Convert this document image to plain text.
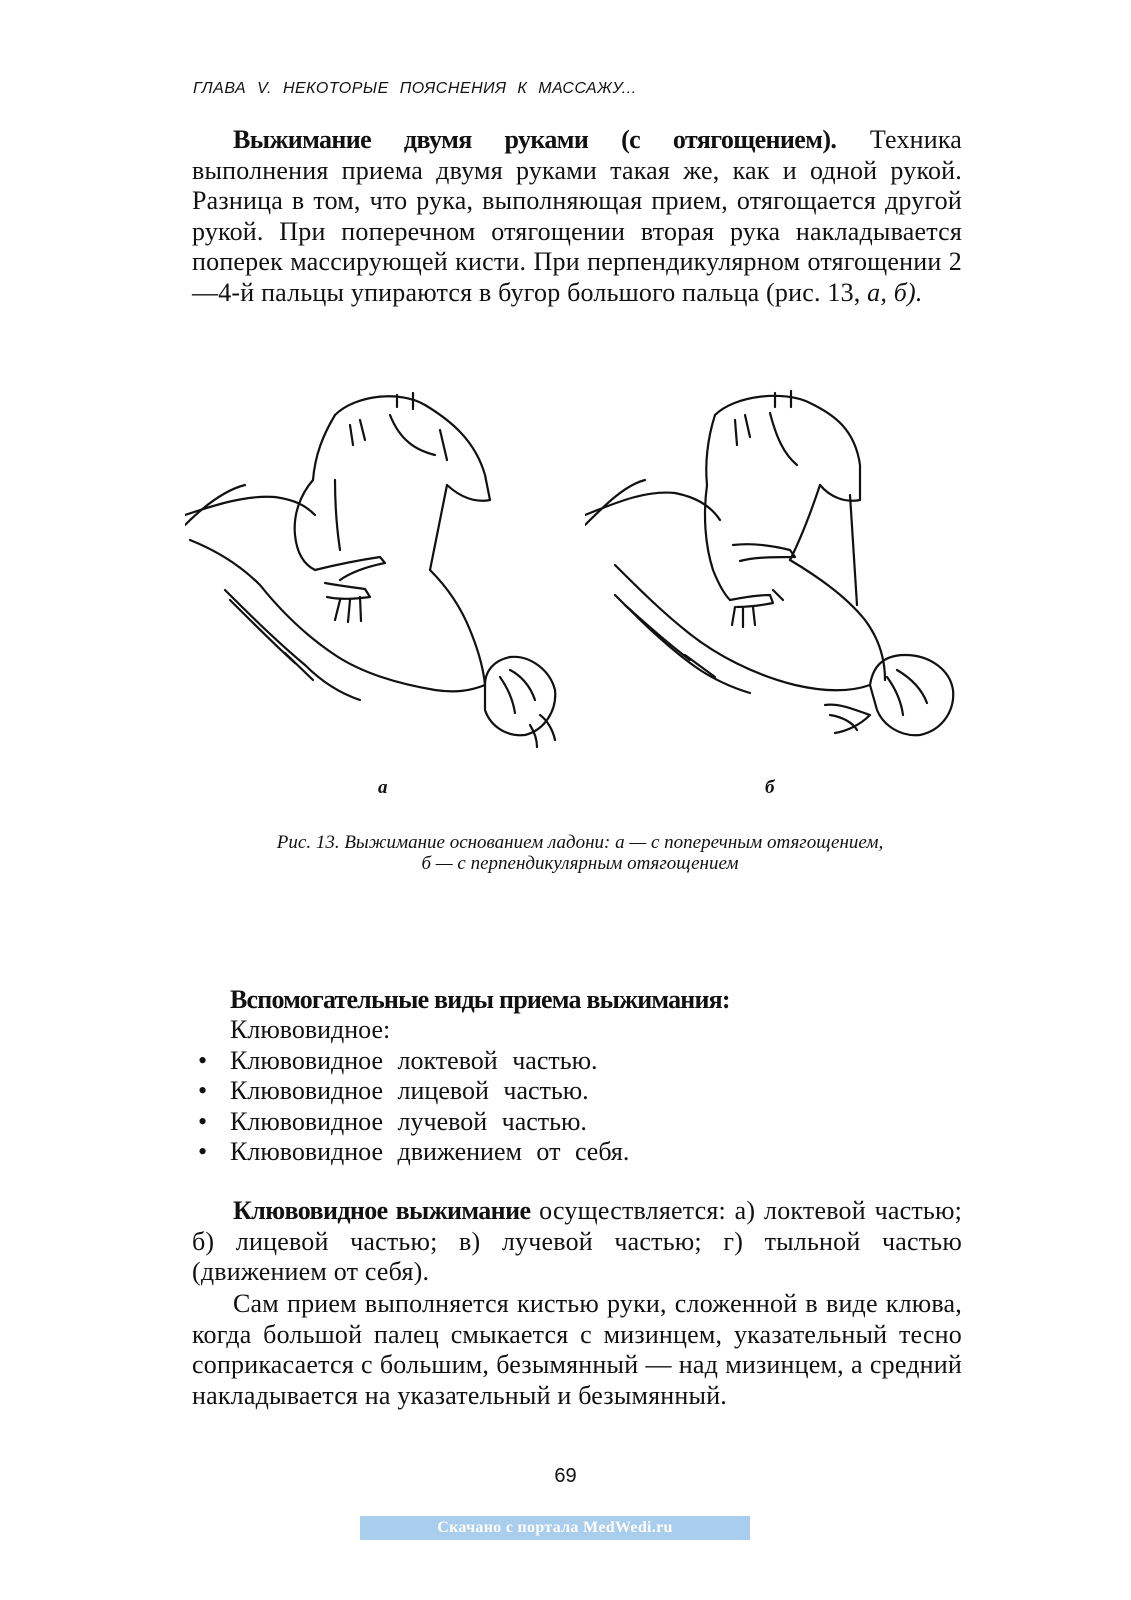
ГЛАВА V. НЕКОТОРЫЕ ПОЯСНЕНИЯ К МАССАЖУ...

Выжимание двумя руками (с отягощением). Техника выполнения приема двумя руками такая же, как и одной рукой. Разница в том, что рука, выполняющая прием, отягощается другой рукой. При поперечном отягощении вторая рука накладывается поперек массирующей кисти. При перпендикулярном отягощении 2—4-й пальцы упираются в бугор большого пальца (рис. 13, а, б).

а	б
Рис. 13. Выжимание основанием ладони: а — с поперечным отягощением,
б — с перпендикулярным отягощением
Вспомогательные виды приема выжимания:
Клювовидное:
• Клювовидное локтевой частью.
• Клювовидное лицевой частью.
• Клювовидное лучевой частью.
• Клювовидное движением от себя.

Клювовидное выжимание осуществляется: а) локтевой частью; б) лицевой частью; в) лучевой частью; г) тыльной частью (движением от себя).

Сам прием выполняется кистью руки, сложенной в виде клюва, когда большой палец смыкается с мизинцем, указательный тесно соприкасается с большим, безымянный — над мизинцем, а средний накладывается на указательный и безымянный.

69
Скачано с портала MedWedi.ru
